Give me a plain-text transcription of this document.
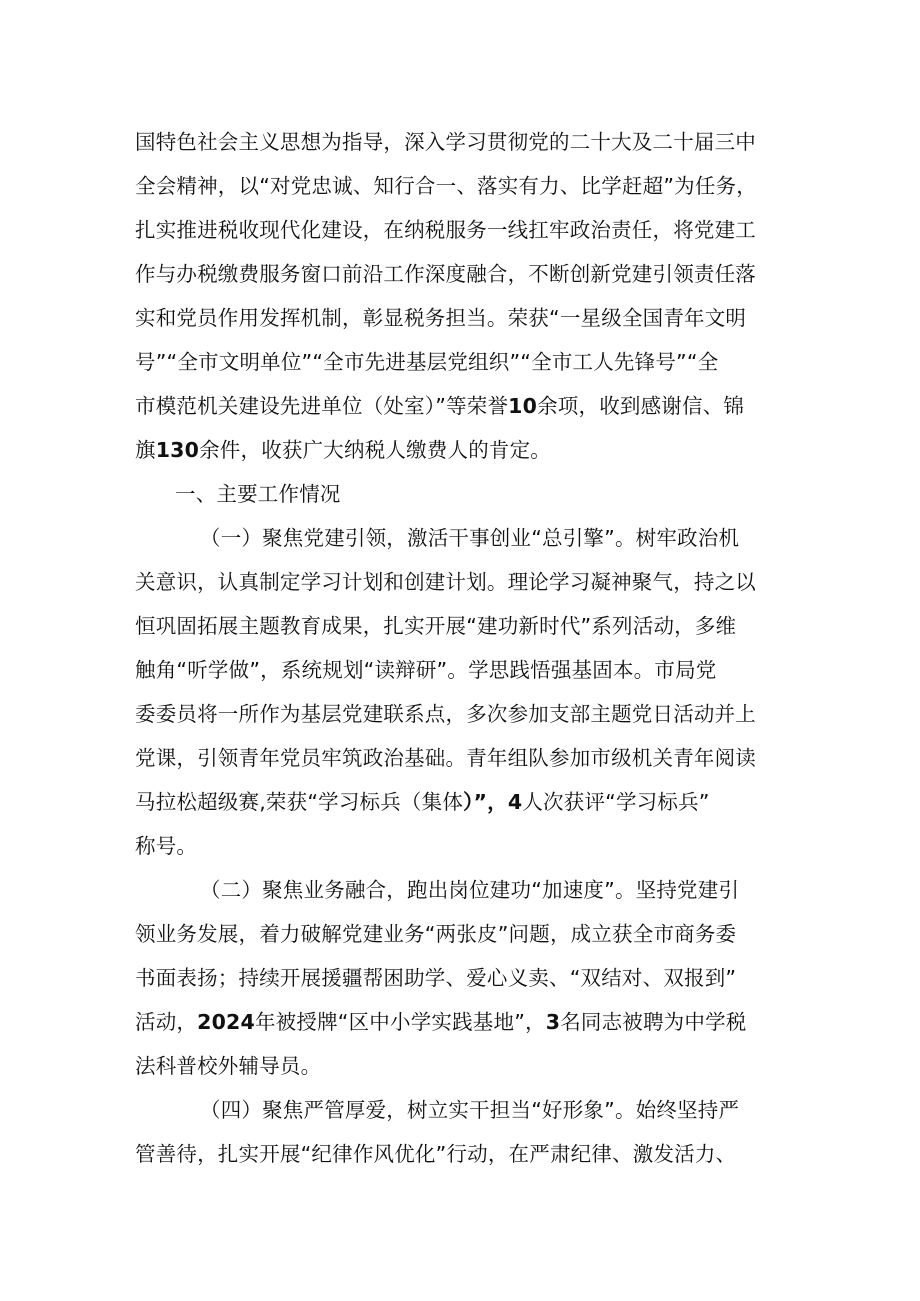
国特色社会主义思想为指导，深入学习贯彻党的二十大及二十届三中
全会精神，以“对党忠诚、知行合一、落实有力、比学赶超”为任务，
扎实推进税收现代化建设，在纳税服务一线扛牢政治责任，将党建工
作与办税缴费服务窗口前沿工作深度融合，不断创新党建引领责任落
实和党员作用发挥机制，彰显税务担当。荣获“一星级全国青年文明
号”“全市文明单位”“全市先进基层党组织”“全市工人先锋号”“全
市模范机关建设先进单位（处室）”等荣誉10余项，收到感谢信、锦
旗130余件，收获广大纳税人缴费人的肯定。
一、主要工作情况
（一）聚焦党建引领，激活干事创业“总引擎”。树牢政治机
关意识，认真制定学习计划和创建计划。理论学习凝神聚气，持之以
恒巩固拓展主题教育成果，扎实开展“建功新时代”系列活动，多维
触角“听学做”，系统规划“读辩研”。学思践悟强基固本。市局党
委委员将一所作为基层党建联系点，多次参加支部主题党日活动并上
党课，引领青年党员牢筑政治基础。青年组队参加市级机关青年阅读
马拉松超级赛,荣获“学习标兵（集体）”，4人次获评“学习标兵”
称号。
（二）聚焦业务融合，跑出岗位建功“加速度”。坚持党建引
领业务发展，着力破解党建业务“两张皮”问题，成立获全市商务委
书面表扬；持续开展援疆帮困助学、爱心义卖、“双结对、双报到”
活动，2024年被授牌“区中小学实践基地”，3名同志被聘为中学税
法科普校外辅导员。
（四）聚焦严管厚爱，树立实干担当“好形象”。始终坚持严
管善待，扎实开展“纪律作风优化”行动，在严肃纪律、激发活力、
